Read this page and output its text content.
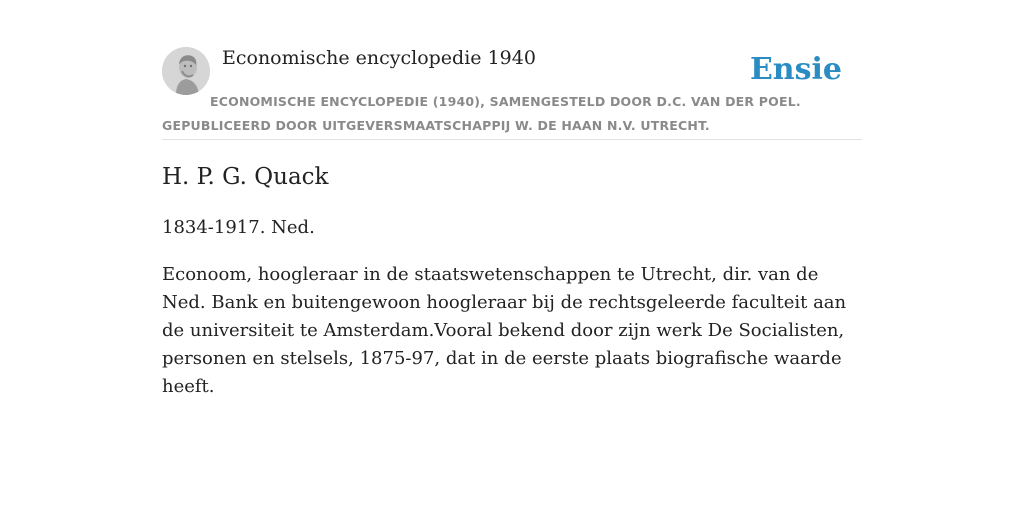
Economische encyclopedie 1940	Ensie
ECONOMISCHE ENCYCLOPEDIE (1940), SAMENGESTELD DOOR D.C. VAN DER POEL. GEPUBLICEERD DOOR UITGEVERSMAATSCHAPPIJ W. DE HAAN N.V. UTRECHT.
H. P. G. Quack

1834-1917. Ned.

Econoom, hoogleraar in de staatswetenschappen te Utrecht, dir. van de Ned. Bank en buitengewoon hoogleraar bij de rechtsgeleerde faculteit aan de universiteit te Amsterdam.Vooral bekend door zijn werk De Socialisten, personen en stelsels, 1875-97, dat in de eerste plaats biografische waarde heeft.
